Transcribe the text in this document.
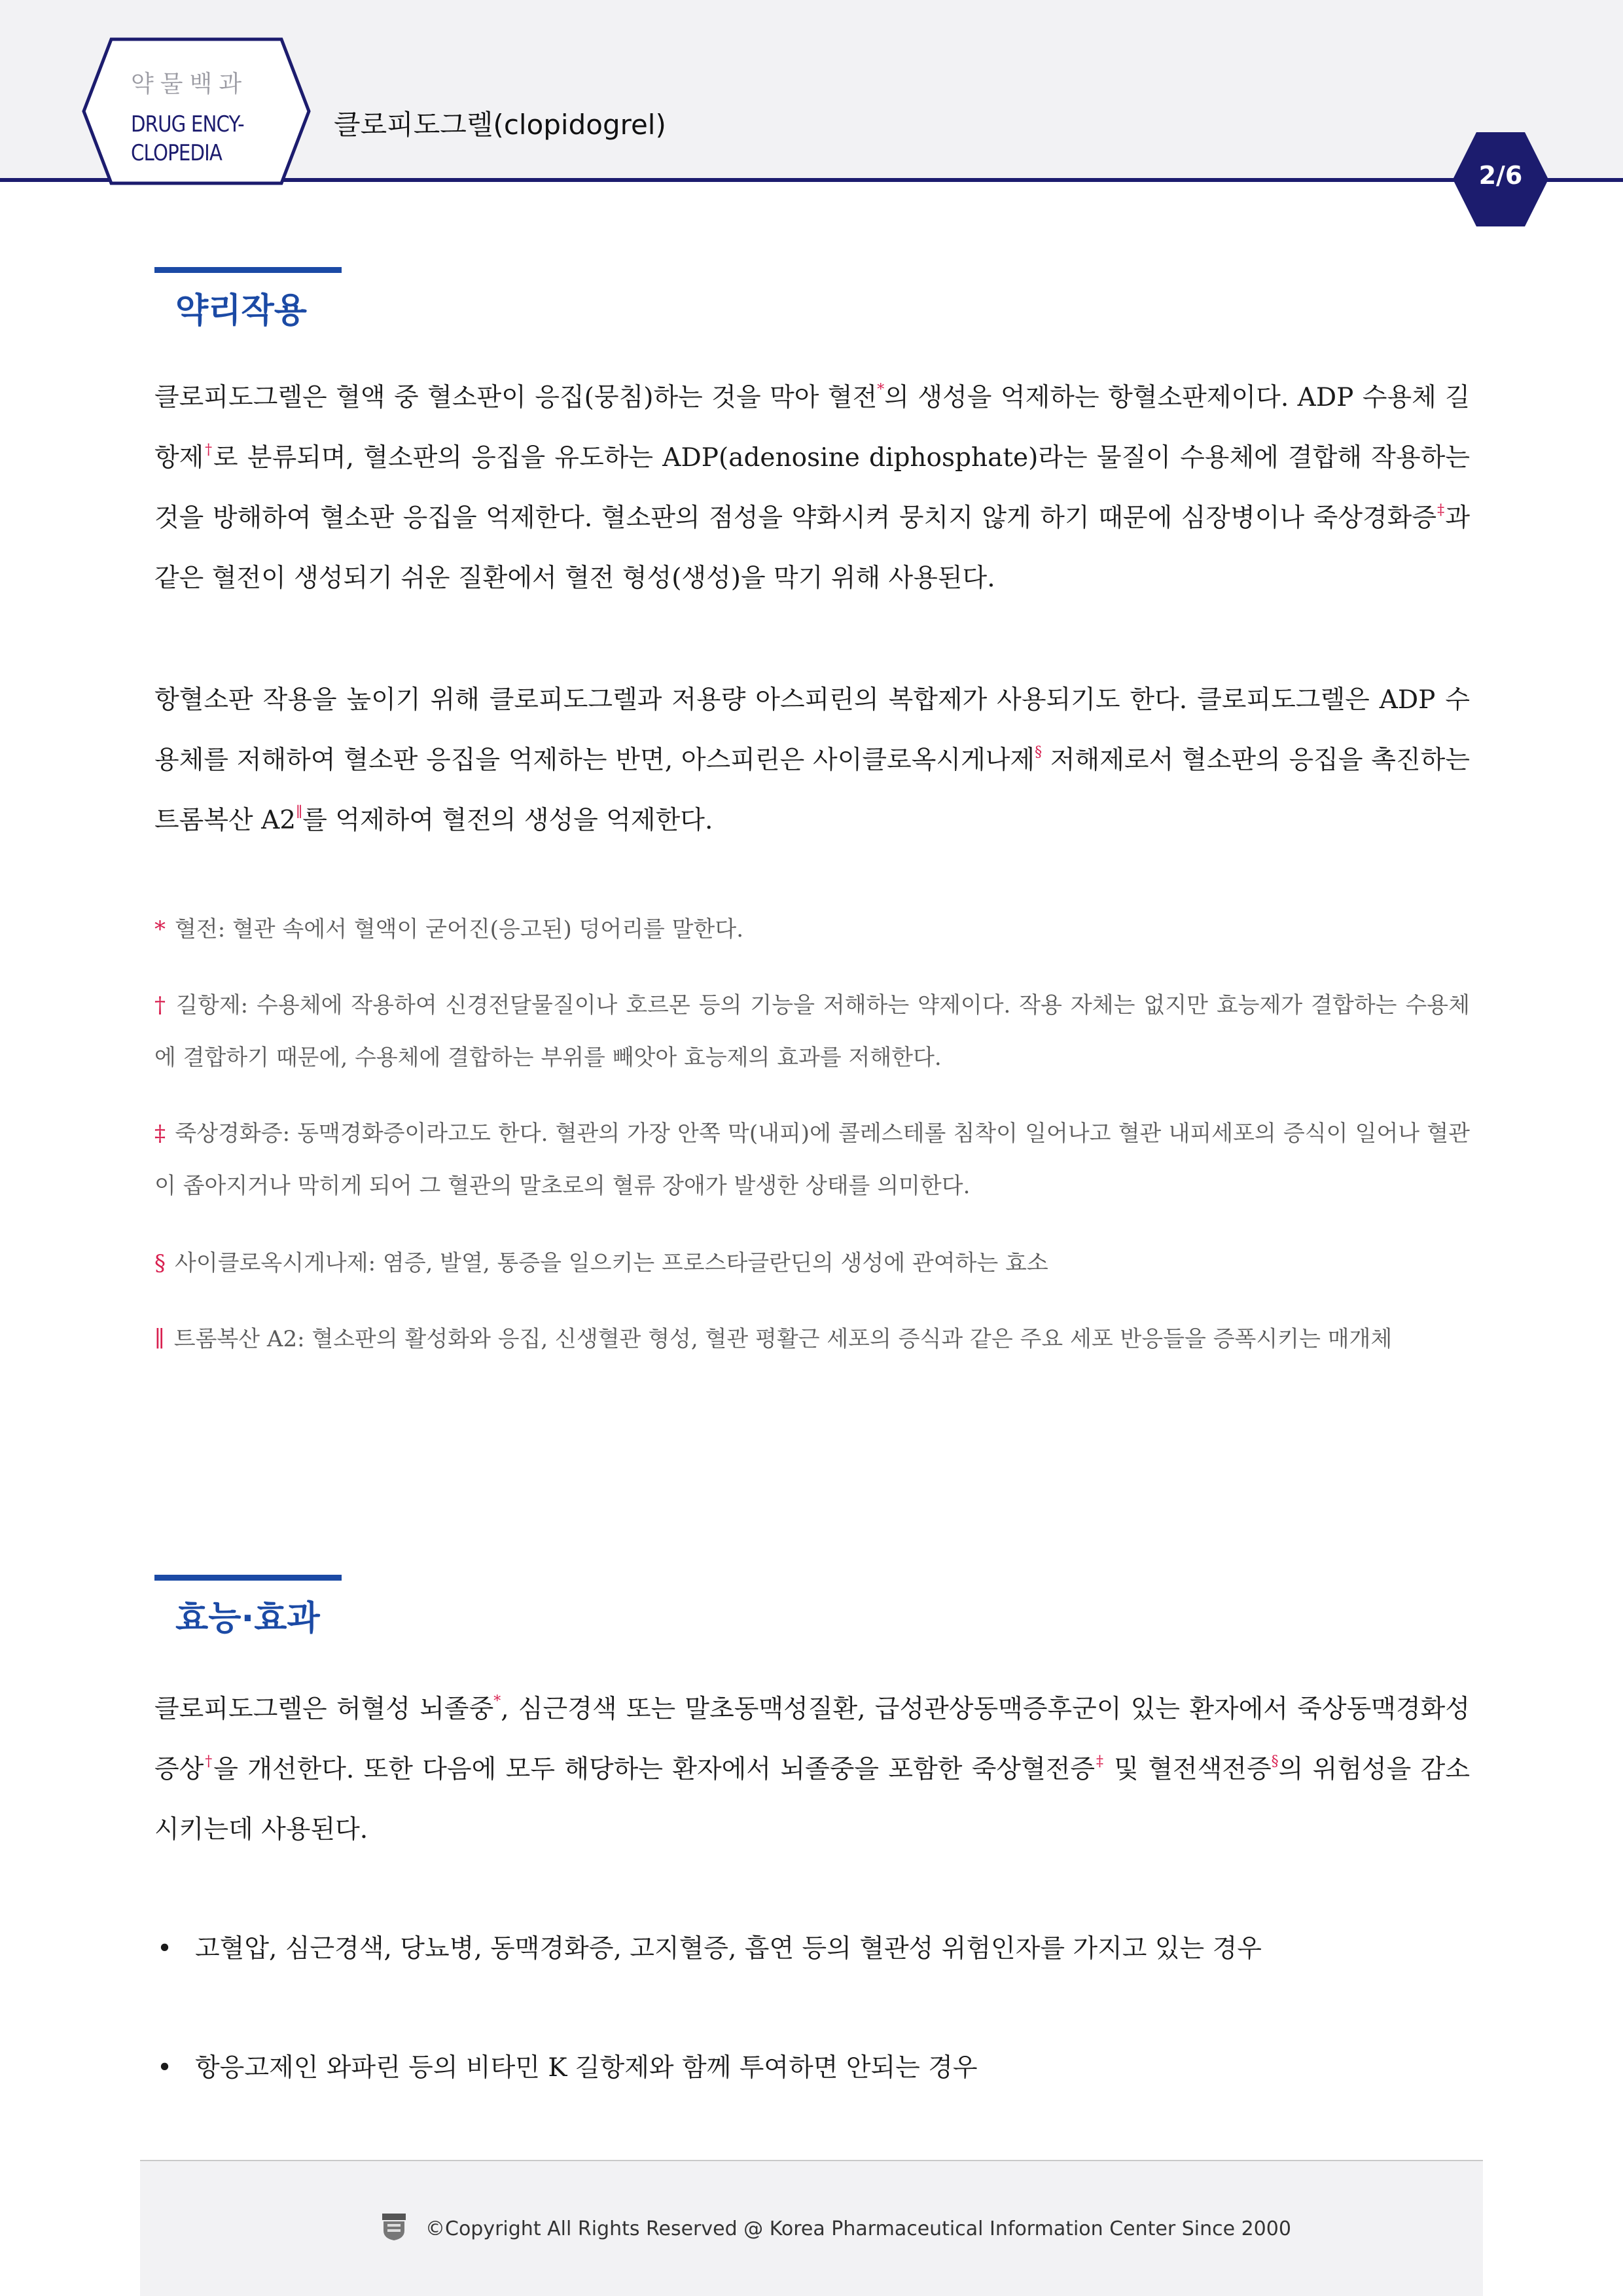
약물백과
DRUG ENCY-
CLOPEDIA
클로피도그렐(clopidogrel)
2/6
약리작용

클로피도그렐은 혈액 중 혈소판이 응집(뭉침)하는 것을 막아 혈전*의 생성을 억제하는 항혈소판제이다. ADP 수용체 길항제†로 분류되며, 혈소판의 응집을 유도하는 ADP(adenosine diphosphate)라는 물질이 수용체에 결합해 작용하는 것을 방해하여 혈소판 응집을 억제한다. 혈소판의 점성을 약화시켜 뭉치지 않게 하기 때문에 심장병이나 죽상경화증‡과 같은 혈전이 생성되기 쉬운 질환에서 혈전 형성(생성)을 막기 위해 사용된다.

항혈소판 작용을 높이기 위해 클로피도그렐과 저용량 아스피린의 복합제가 사용되기도 한다. 클로피도그렐은 ADP 수용체를 저해하여 혈소판 응집을 억제하는 반면, 아스피린은 사이클로옥시게나제§ 저해제로서 혈소판의 응집을 촉진하는 트롬복산 A2∥를 억제하여 혈전의 생성을 억제한다.

* 혈전: 혈관 속에서 혈액이 굳어진(응고된) 덩어리를 말한다.

† 길항제: 수용체에 작용하여 신경전달물질이나 호르몬 등의 기능을 저해하는 약제이다. 작용 자체는 없지만 효능제가 결합하는 수용체에 결합하기 때문에, 수용체에 결합하는 부위를 빼앗아 효능제의 효과를 저해한다.

‡ 죽상경화증: 동맥경화증이라고도 한다. 혈관의 가장 안쪽 막(내피)에 콜레스테롤 침착이 일어나고 혈관 내피세포의 증식이 일어나 혈관이 좁아지거나 막히게 되어 그 혈관의 말초로의 혈류 장애가 발생한 상태를 의미한다.

§ 사이클로옥시게나제: 염증, 발열, 통증을 일으키는 프로스타글란딘의 생성에 관여하는 효소

∥ 트롬복산 A2: 혈소판의 활성화와 응집, 신생혈관 형성, 혈관 평활근 세포의 증식과 같은 주요 세포 반응들을 증폭시키는 매개체

효능·효과

클로피도그렐은 허혈성 뇌졸중*, 심근경색 또는 말초동맥성질환, 급성관상동맥증후군이 있는 환자에서 죽상동맥경화성 증상†을 개선한다. 또한 다음에 모두 해당하는 환자에서 뇌졸중을 포함한 죽상혈전증‡ 및 혈전색전증§의 위험성을 감소시키는데 사용된다.

• 고혈압, 심근경색, 당뇨병, 동맥경화증, 고지혈증, 흡연 등의 혈관성 위험인자를 가지고 있는 경우
• 항응고제인 와파린 등의 비타민 K 길항제와 함께 투여하면 안되는 경우
©Copyright All Rights Reserved @ Korea Pharmaceutical Information Center Since 2000
